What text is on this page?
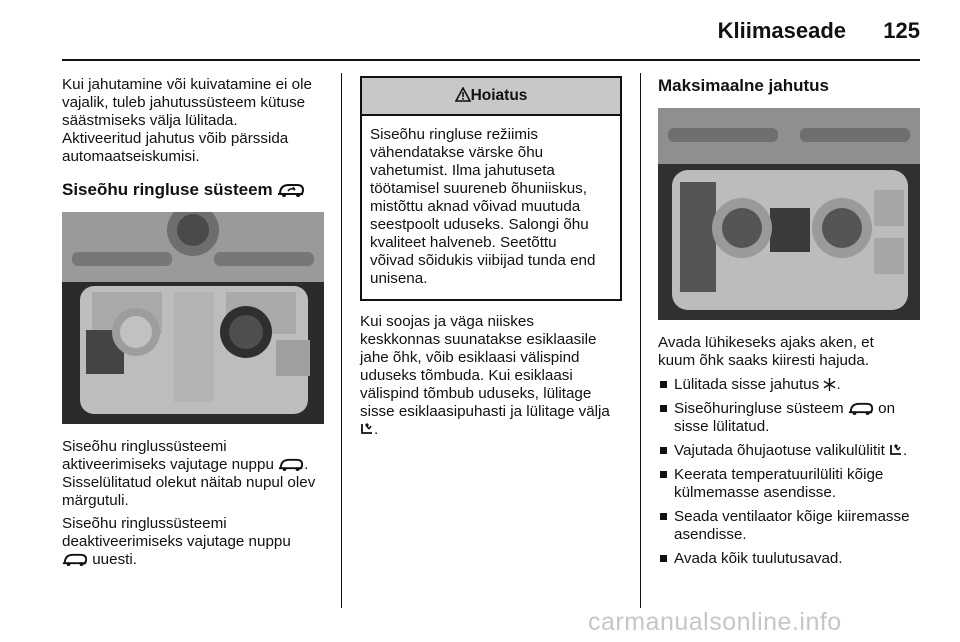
Kliimaseade	125

Kui jahutamine või kuivatamine ei ole
vajalik, tuleb jahutussüsteem kütuse
säästmiseks välja lülitada.
Aktiveeritud jahutus võib pärssida
automaatseiskumisi.

Siseõhu ringluse süsteem

Siseõhu ringlussüsteemi
aktiveerimiseks vajutage nuppu .
Sisselülitatud olekut näitab nupul olev
märgutuli.

Siseõhu ringlussüsteemi
deaktiveerimiseks vajutage nuppu
uuesti.

Hoiatus
Siseõhu ringluse režiimis
vähendatakse värske õhu
vahetumist. Ilma jahutuseta
töötamisel suureneb õhuniiskus,
mistõttu aknad võivad muutuda
seestpoolt uduseks. Salongi õhu
kvaliteet halveneb. Seetõttu
võivad sõidukis viibijad tunda end
unisena.

Kui soojas ja väga niiskes
keskkonnas suunatakse esiklaasile
jahe õhk, võib esiklaasi välispind
uduseks tõmbuda. Kui esiklaasi
välispind tõmbub uduseks, lülitage
sisse esiklaasipuhasti ja lülitage välja
.

Maksimaalne jahutus

Avada lühikeseks ajaks aken, et
kuum õhk saaks kiiresti hajuda.

Lülitada sisse jahutus .
Siseõhuringluse süsteem  on
sisse lülitatud.
Vajutada õhujaotuse valikulülitit .
Keerata temperatuurilüliti kõige
külmemasse asendisse.
Seada ventilaator kõige kiiremasse
asendisse.
Avada kõik tuulutusavad.
carmanualsonline.info
